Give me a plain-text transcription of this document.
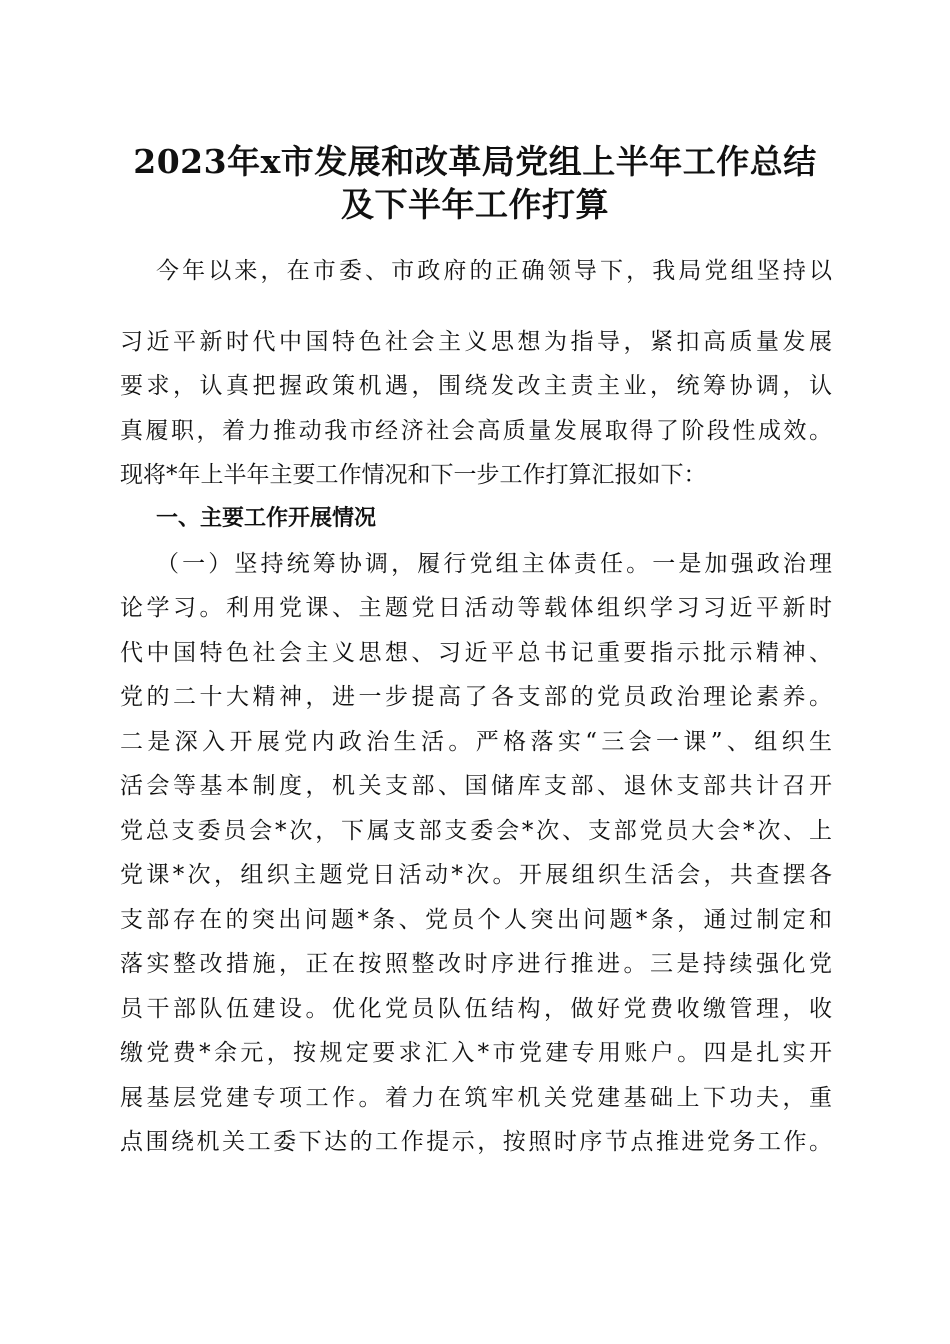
2023年x市发展和改革局党组上半年工作总结
及下半年工作打算

今年以来，在市委、市政府的正确领导下，我局党组坚持以

习近平新时代中国特色社会主义思想为指导，紧扣高质量发展

要求，认真把握政策机遇，围绕发改主责主业，统筹协调，认

真履职，着力推动我市经济社会高质量发展取得了阶段性成效。

现将*年上半年主要工作情况和下一步工作打算汇报如下：

一、主要工作开展情况

（一）坚持统筹协调，履行党组主体责任。一是加强政治理

论学习。利用党课、主题党日活动等载体组织学习习近平新时

代中国特色社会主义思想、习近平总书记重要指示批示精神、

党的二十大精神，进一步提高了各支部的党员政治理论素养。

二是深入开展党内政治生活。严格落实“三会一课”、组织生

活会等基本制度，机关支部、国储库支部、退休支部共计召开

党总支委员会*次，下属支部支委会*次、支部党员大会*次、上

党课*次，组织主题党日活动*次。开展组织生活会，共查摆各

支部存在的突出问题*条、党员个人突出问题*条，通过制定和

落实整改措施，正在按照整改时序进行推进。三是持续强化党

员干部队伍建设。优化党员队伍结构，做好党费收缴管理，收

缴党费*余元，按规定要求汇入*市党建专用账户。四是扎实开

展基层党建专项工作。着力在筑牢机关党建基础上下功夫，重

点围绕机关工委下达的工作提示，按照时序节点推进党务工作。
